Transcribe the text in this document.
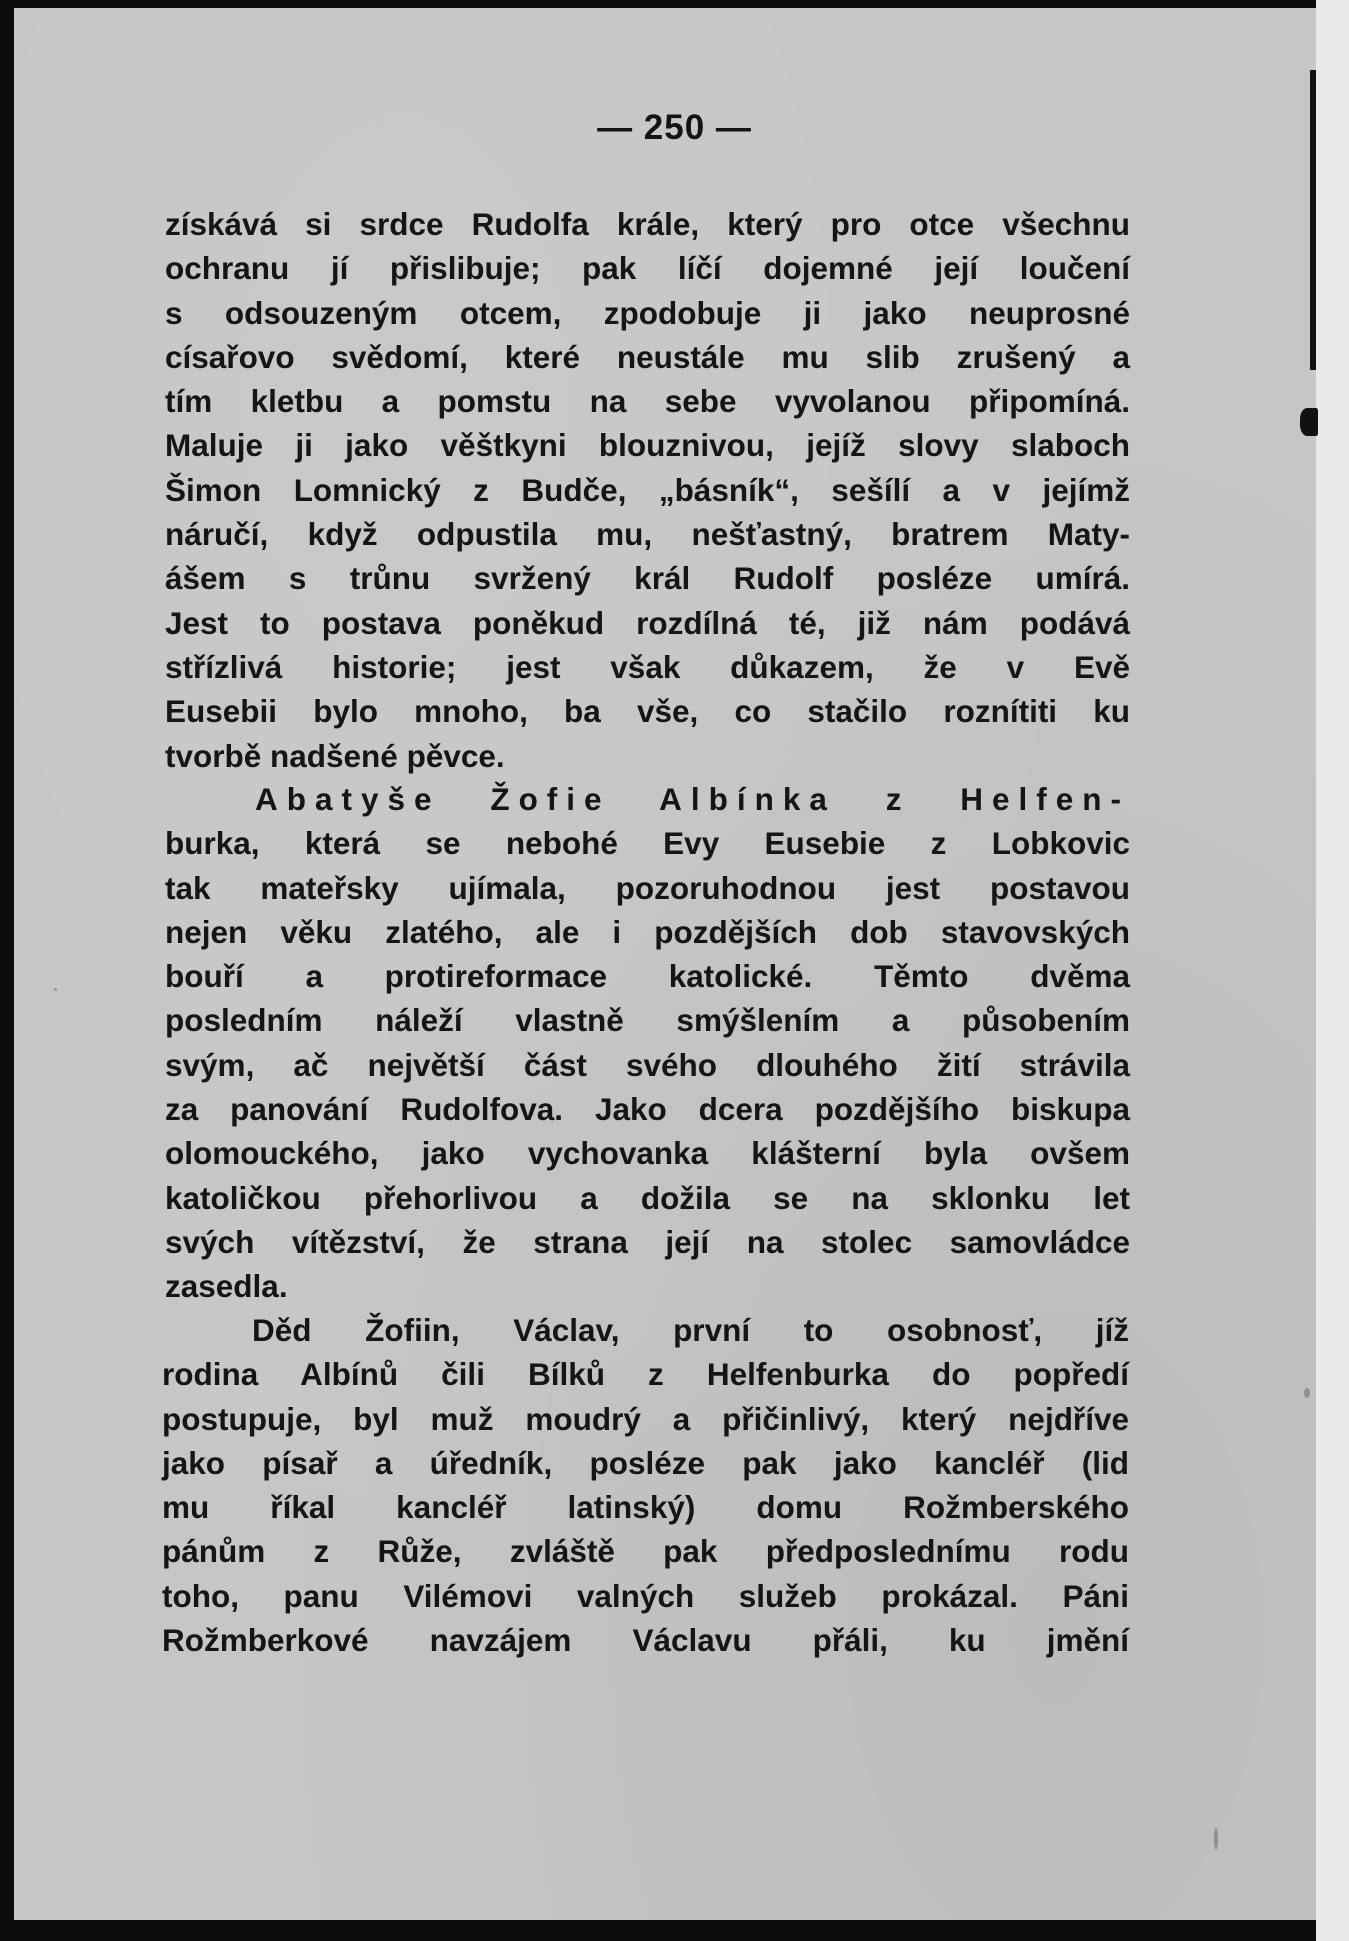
— 250 —
získává si srdce Rudolfa krále, který pro otce všechnu
ochranu jí přislibuje; pak líčí dojemné její loučení
s odsouzeným otcem, zpodobuje ji jako neuprosné
císařovo svědomí, které neustále mu slib zrušený a
tím kletbu a pomstu na sebe vyvolanou připomíná.
Maluje ji jako věštkyni blouznivou, jejíž slovy slaboch
Šimon Lomnický z Budče, „básník“, sešílí a v jejímž
náručí, když odpustila mu, nešťastný, bratrem Maty-
ášem s trůnu svržený král Rudolf posléze umírá.
Jest to postava poněkud rozdílná té, již nám podává
střízlivá historie; jest však důkazem, že v Evě
Eusebii bylo mnoho, ba vše, co stačilo roznítiti ku
tvorbě nadšené pěvce.
Abatyše Žofie Albínka z Helfen-
burka, která se nebohé Evy Eusebie z Lobkovic
tak mateřsky ujímala, pozoruhodnou jest postavou
nejen věku zlatého, ale i pozdějších dob stavovských
bouří a protireformace katolické. Těmto dvěma
posledním náleží vlastně smýšlením a působením
svým, ač největší část svého dlouhého žití strávila
za panování Rudolfova. Jako dcera pozdějšího biskupa
olomouckého, jako vychovanka klášterní byla ovšem
katoličkou přehorlivou a dožila se na sklonku let
svých vítězství, že strana její na stolec samovládce
zasedla.
Děd Žofiin, Václav, první to osobnosť, jíž
rodina Albínů čili Bílků z Helfenburka do popředí
postupuje, byl muž moudrý a přičinlivý, který nejdříve
jako písař a úředník, posléze pak jako kancléř (lid
mu říkal kancléř latinský) domu Rožmberského
pánům z Růže, zvláště pak předposlednímu rodu
toho, panu Vilémovi valných služeb prokázal. Páni
Rožmberkové navzájem Václavu přáli, ku jmění
